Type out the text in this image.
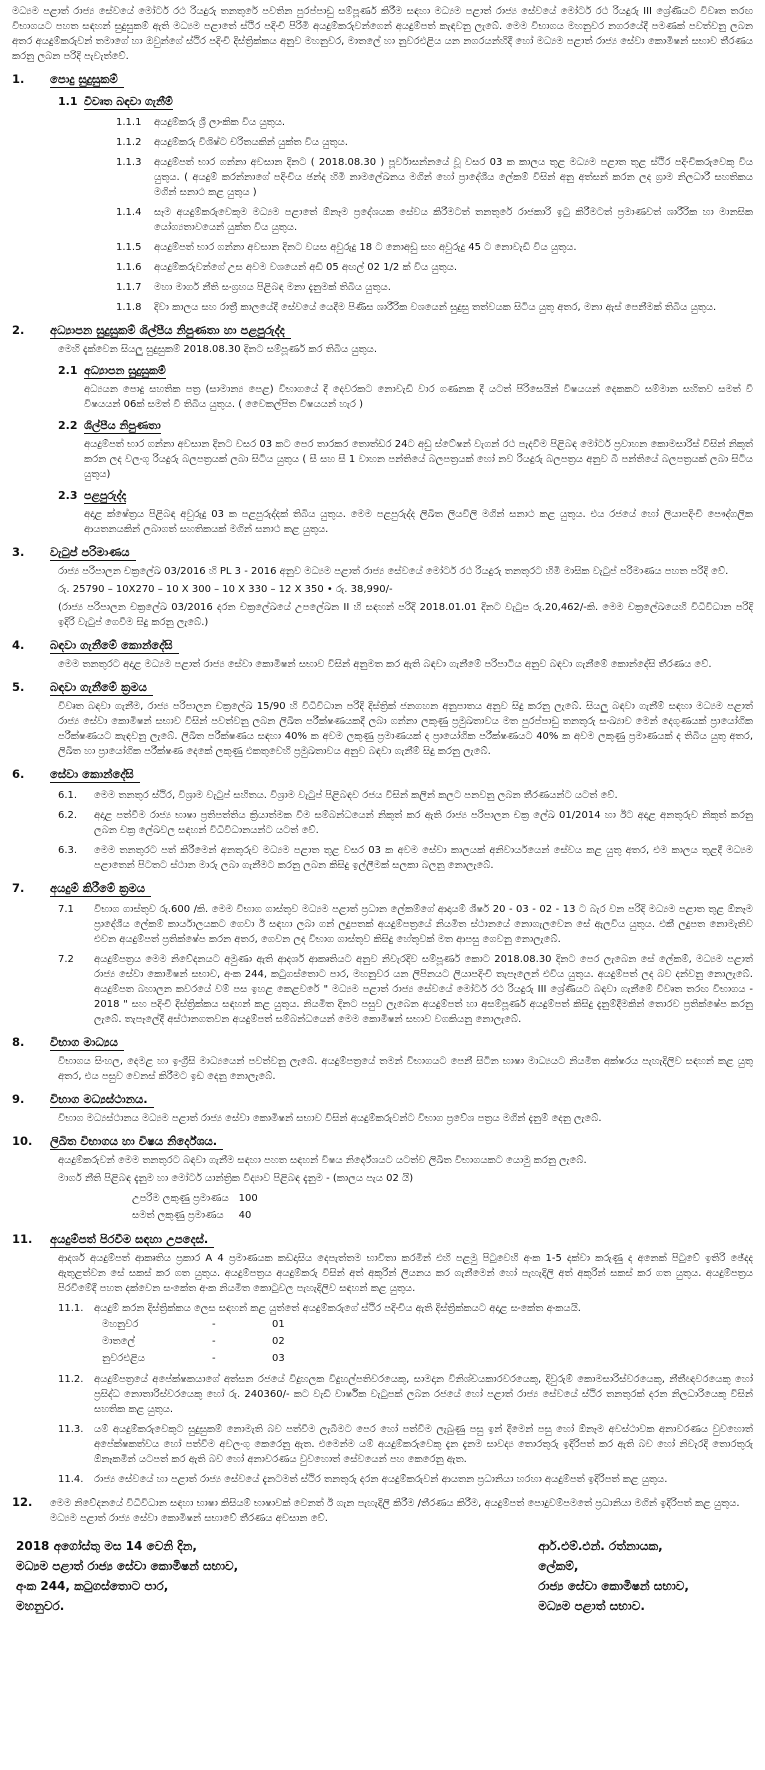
මධ්‍යම පළාත් රාජ්‍ය සේවයේ මෝටර් රථ රියදුරු තනතුරේ පවතින පුරප්පාඩු සම්පූර්ණ කිරීම සඳහා මධ්‍යම පළාත් රාජ්‍ය සේවයේ මෝටර් රථ රියදුරු III ශ්‍රේණියට විවෘත තරඟ විභාගයට පහත සඳහන් සුදුසුකම් ඇති මධ්‍යම පළාතේ ස්ථිර පදිංචි පිරිමි අයදුම්කරුවන්ගෙන් අයදුම්පත් කැඳවනු ලැබේ. මෙම විභාගය මහනුවර නගරයේදී පමණක් පවත්වනු ලබන අතර අයදුම්කරුවන් තමාගේ හා ඔවුන්ගේ ස්ථිර පදිංචි දිස්ත්‍රික්කය අනුව මහනුවර, මාතලේ හා නුවරඑළිය යන නගරයන්හිදී හෝ මධ්‍යම පළාත් රාජ්‍ය සේවා කොමිෂන් සභාව තීරණය කරනු ලබන පරිදි පැවැත්වේ.

1.	පොදු සුදුසුකම්
1.1 විවෘත බඳවා ගැනීම්
1.1.1	අයදුම්කරු ශ්‍රී ලාංකික විය යුතුය.
1.1.2	අයදුම්කරු විශිෂ්ට චරිතයකින් යුක්ත විය යුතුය.
1.1.3	අයදුම්පත් භාර ගන්නා අවසාන දිනට ( 2018.08.30 ) පූර්වාසන්නයේ වූ වසර 03 ක කාලය තුළ මධ්‍යම පළාත තුළ ස්ථිර පදිංචිකරුවෙකු විය යුතුය. ( අයදුම් කරන්නාගේ පදිංචිය ඡන්ද හිමි නාමලේඛනය මගින් හෝ ප්‍රාදේශීය ලේකම් විසින් අනු අත්සන් කරන ලද ග්‍රාම නිලධාරී සහතිකය මගින් සනාථ කළ යුතුය )
1.1.4	සෑම අයදුම්කරුවෙකුම මධ්‍යම පළාතේ ඕනෑම ප්‍රදේශයක සේවය කිරීමටත් තනතුරේ රාජකාරි ඉටු කිරීමටත් ප්‍රමාණවත් ශාරීරික හා මානසික යෝග්‍යතාවයෙන් යුක්ත විය යුතුය.
1.1.5	අයදුම්පත් භාර ගන්නා අවසාන දිනට වයස අවුරුදු 18 ට නොඅඩු සහ අවුරුදු 45 ට නොවැඩි විය යුතුය.
1.1.6	අයදුම්කරුවන්ගේ උස අවම වශයෙන් අඩි 05 අඟල් 02 1/2 ක් විය යුතුය.
1.1.7	මහා මාර්ග නීති සංග්‍රහය පිළිබඳ මනා දැනුමක් තිබිය යුතුය.
1.1.8	දිවා කාලය සහ රාත්‍රී කාලයේදී සේවයේ යෙදීම පිණිස ශාරීරික වශයෙන් සුදුසු තත්වයක සිටිය යුතු අතර, මනා ඇස් පෙනීමක් තිබිය යුතුය.
2.	අධ්‍යාපන සුදුසුකම් ශිල්පීය නිපුණතා හා පළපුරුද්ද

මෙහි දැක්වෙන සියලු සුදුසුකම් 2018.08.30 දිනට සම්පූර්ණ කර තිබිය යුතුය.

2.1 අධ්‍යාපන සුදුසුකම්

අධ්‍යයන පොදු සහතික පත්‍ර (සාමාන්‍ය පෙළ) විභාගයේ දී දෙවරකට නොවැඩි වාර ගණනක දී යටත් පිරිසෙයින් විෂයයන් දෙකකට සම්මාන සහිතව සමත් වී විෂයයන් 06ක් සමත් වී තිබිය යුතුය. ( වෛකල්පිත විෂයයන් හැර )

2.2 ශිල්පීය නිපුණතා

අයදුම්පත් භාර ගන්නා අවසාන දිනට වසර 03 කට පෙර තාරකර තොත්ඩර 24ට අඩු ස්ටේෂන් වැගන් රථ පැදවීම පිළිබඳ මෝටර් ප්‍රවාහන කොමසාරිස් විසින් නිකුත් කරන ලද වලංගු රියදුරු බලපත්‍රයක් ලබා සිටිය යුතුය ( සී සහ සී 1 වාහන පන්තියේ බලපත්‍රයක් හෝ නව රියදුරු බලපත්‍රය අනුව බී පන්තියේ බලපත්‍රයක් ලබා සිටිය යුතුය)

2.3 පළපුරුද්ද

අදාළ ක්ෂේත්‍රය පිළිබඳ අවුරුදු 03 ක පළපුරුද්දක් තිබිය යුතුය. මෙම පළපුරුද්ද ලිඛිත ලියවිලි මගින් සනාථ කළ යුතුය. එය රජයේ හෝ ලියාපදිංචි පෞද්ගලික ආයතනයකින් ලබාගත් සහතිකයක් මගින් සනාථ කළ යුතුය.

3.	වැටුප් පරිමාණය

රාජ්‍ය පරිපාලන චක්‍රලේඛ 03/2016 හි PL 3 - 2016 අනුව මධ්‍යම පළාත් රාජ්‍ය සේවයේ මෝටර් රථ රියදුරු තනතුරට හිමි මාසික වැටුප් පරිමාණය පහත පරිදි වේ.

රු. 25790 – 10X270 – 10 X 300 – 10 X 330 – 12 X 350 • රු. 38,990/-

(රාජ්‍ය පරිපාලන චක්‍රලේඛ 03/2016 දරන චක්‍රලේඛයේ උපලේඛන II හි සඳහන් පරිදි 2018.01.01 දිනට වැටුප රු.20,462/-කි. මෙම චක්‍රලේඛයෙහි විධිවිධාන පරිදි ඉදිරි වැටුප් ගෙවීම සිදු කරනු ලැබේ.)

4.	බඳවා ගැනීමේ කොන්දේසි

මෙම තනතුරට අදාළ මධ්‍යම පළාත් රාජ්‍ය සේවා කොමිෂන් සභාව විසින් අනුමත කර ඇති බඳවා ගැනීමේ පරිපාටිය අනුව බඳවා ගැනීමේ කොන්දේසි තීරණය වේ.

5.	බඳවා ගැනීමේ ක්‍රමය

විවෘත බඳවා ගැනීම, රාජ්‍ය පරිපාලන චක්‍රලේඛ 15/90 හි විධිවිධාන පරිදි දිස්ත්‍රික් ජනගහන අනුපාතය අනුව සිදු කරනු ලැබේ. සියලු බඳවා ගැනීම් සඳහා මධ්‍යම පළාත් රාජ්‍ය සේවා කොමිෂන් සභාව විසින් පවත්වනු ලබන ලිඛිත පරීක්ෂණයකදී ලබා ගන්නා ලකුණු ප්‍රමුඛතාවය මත පුරප්පාඩු තනතුරු සංඛ්‍යාව මෙන් දෙගුණයක් ප්‍රායෝගික පරීක්ෂණයට කැඳවනු ලැබේ. ලිඛිත පරීක්ෂණය සඳහා 40% ක අවම ලකුණු ප්‍රමාණයක් ද ප්‍රායෝගික පරීක්ෂණයට 40% ක අවම ලකුණු ප්‍රමාණයක් ද තිබිය යුතු අතර, ලිඛිත හා ප්‍රායෝගික පරීක්ෂණ දෙකේ ලකුණු එකතුවෙහි ප්‍රමුඛතාවය අනුව බඳවා ගැනීම් සිදු කරනු ලැබේ.

6.	සේවා කොන්දේසි
6.1.	මෙම තනතුර ස්ථිර, විශ්‍රාම වැටුප් සහිතය. විශ්‍රාම වැටුප් පිළිබඳව රජය විසින් කලින් කලට පනවනු ලබන තීරණයන්ට යටත් වේ.
6.2.	අදාළ පත්වීම රාජ්‍ය භාෂා ප්‍රතිපත්තිය ක්‍රියාත්මක වීම සම්බන්ධයෙන් නිකුත් කර ඇති රාජ්‍ය පරිපාලන චක්‍ර ලේඛ 01/2014 හා ඊට අදාළ අනතුරුව නිකුත් කරනු ලබන චක්‍ර ලේඛවල සඳහන් විධිවිධානයන්ට යටත් වේ.
6.3.	මෙම තනතුරට පත් කිරීමෙන් අනතුරුව මධ්‍යම පළාත තුළ වසර 03 ක අවම සේවා කාලයක් අනිවාර්යයෙන් සේවය කළ යුතු අතර, එම කාලය තුළදී මධ්‍යම පළාතෙන් පිටතට ස්ථාන මාරු ලබා ගැනීමට කරනු ලබන කිසිදු ඉල්ලීමක් සලකා බලනු නොලැබේ.
7.	අයදුම් කිරීමේ ක්‍රමය
7.1	විභාග ගාස්තුව රු.600 /කි. මෙම විභාග ගාස්තුව මධ්‍යම පළාත් ප්‍රධාන ලේකම්ගේ ආදායම් ශීර්ෂ 20 - 03 - 02 - 13 ට බැර වන පරිදි මධ්‍යම පළාත තුළ ඕනෑම ප්‍රාදේශීය ලේකම් කාර්යාලයකට ගෙවා ඊ සඳහා ලබා ගන් ලදුපතක් අයදුම්පත්‍රයේ නියමිත ස්ථානයේ නොගැලවෙන සේ ඇලවිය යුතුය. එකී ලදුපත නොමැතිව එවන අයදුම්පත් ප්‍රතික්ෂේප කරන අතර, ගෙවන ලද විභාග ගාස්තුව කිසිදු හේතුවක් මත ආපසු ගෙවනු නොලැබේ.
7.2	අයදුම්පත්‍රය මෙම නිවේදනයට අමුණා ඇති ආදර්ශ ආකෘතියට අනුව නිවැරදිව සම්පූර්ණ කොට 2018.08.30 දිනට පෙර ලැබෙන සේ ලේකම්, මධ්‍යම පළාත් රාජ්‍ය සේවා කොමිෂන් සභාව, අංක 244, කටුගස්තොට පාර, මහනුවර යන ලිපිනයට ලියාපදිංචි තැපෑලෙන් එවිය යුතුය. අයදුම්පත් ලද බව දන්වනු නොලැබේ. අයදුම්පත බහාලන කවරයේ වම් පස ඉහළ කෙළවරේ " මධ්‍යම පළාත් රාජ්‍ය සේවයේ මෝටර් රථ රියදුරු III ශ්‍රේණියට බඳවා ගැනීමේ විවෘත තරඟ විභාගය - 2018 " සහ පදිංචි දිස්ත්‍රික්කය සඳහන් කළ යුතුය. නියමිත දිනට පසුව ලැබෙන අයදුම්පත් හා අසම්පූර්ණ අයදුම්පත් කිසිදු දැනුම්දීමකින් තොරව ප්‍රතික්ෂේප කරනු ලැබේ. තැපෑලේදී අස්ථානගතවන අයදුම්පත් සම්බන්ධයෙන් මෙම කොමිෂන් සභාව වගකියනු නොලැබේ.
8.	විභාග මාධ්‍යය

විභාගය සිංහල, දෙමළ හා ඉංග්‍රීසි මාධ්‍යයෙන් පවත්වනු ලැබේ. අයදුම්පත්‍රයේ තමන් විභාගයට පෙනී සිටින භාෂා මාධ්‍යයට නියමිත අක්ෂරය පැහැදිලිව සඳහන් කළ යුතු අතර, එය පසුව වෙනස් කිරීමට ඉඩ දෙනු නොලැබේ.

9.	විභාග මධ්‍යස්ථානය.

විභාග මධ්‍යස්ථානය මධ්‍යම පළාත් රාජ්‍ය සේවා කොමිෂන් සභාව විසින් අයදුම්කරුවන්ට විභාග ප්‍රවේශ පත්‍රය මගින් දැනුම් දෙනු ලැබේ.

10.	ලිඛිත විභාගය හා විෂය නිර්දේශය.

අයදුම්කරුවන් මෙම තනතුරට බඳවා ගැනීම සඳහා පහත සඳහන් විෂය නිර්දේශයට යටත්ව ලිඛිත විභාගයකට යොමු කරනු ලැබේ.

මාර්ග නීති පිළිබඳ දැනුම හා මෝටර් යාන්ත්‍රික විද්‍යාව පිළිබඳ දැනුම - (කාලය පැය 02 යි)

උපරිම ලකුණු ප්‍රමාණය	100
සමත් ලකුණු ප්‍රමාණය	40
11.	අයදුම්පත් පිරවීම සඳහා උපදෙස්.

ආදර්ශ අයදුම්පත් ආකෘතිය ප්‍රකාර A 4 ප්‍රමාණයක කඩදාසිය දෙපැත්තම භාවිතා කරමින් එහි පළමු පිටුවෙහි අංක 1-5 දක්වා කරුණු ද අනෙක් පිටුවේ ඉතිරි ඡේදද ඇතුළත්වන සේ සකස් කර ගත යුතුය. අයදුම්පත්‍රය අයදුම්කරු විසින් අත් අකුරින් ලියනය කර ගැනීමෙන් හෝ පැහැදිලි අත් අකුරින් සකස් කර ගත යුතුය. අයදුම්පත්‍රය පිරවීමේදී පහත දක්වෙන සංකේත අංක නියමිත කොටුවල පැහැදිලිව සඳහන් කළ යුතුය.

11.1.	අයදුම් කරන දිස්ත්‍රික්කය ලෙස සඳහන් කළ යුත්තේ අයදුම්කරුගේ ස්ථිර පදිංචිය ඇති දිස්ත්‍රික්කයට අදාළ සංකේත අංකයයි.
මහනුවර	-	01
මාතලේ	-	02
නුවරඑළිය	-	03
11.2.	අයදුම්පත්‍රයේ අපේක්ෂකයාගේ අත්සන රජයේ විදුහලක විදුහල්පතිවරයෙකු, සාමදාන විනිශ්චයකාරවරයෙකු, දිවුරුම් කොමසාරිස්වරයෙකු, නීතීඥවරයෙකු හෝ ප්‍රසිද්ධ නොතාරිස්වරයෙකු හෝ රු. 240360/- කට වැඩි වාර්ෂික වැටුපක් ලබන රජයේ හෝ පළාත් රාජ්‍ය සේවයේ ස්ථිර තනතුරක් දරන නිලධාරියෙකු විසින් සහතික කළ යුතුය.
11.3.	යම් අයදුම්කරුවෙකුට සුදුසුකම් නොමැති බව පත්වීම ලැබීමට පෙර හෝ පත්වීම ලැබුණු පසු ඉන් දීමෙන් පසු හෝ ඕනෑම අවස්ථාවක අනාවරණය වුවහොත් අපේක්ෂකත්වය හෝ පත්වීම අවලංගු කෙරෙනු ඇත. එමෙන්ම යම් අයදුම්කරුවෙකු දැන දැනම සාවද්‍ය තොරතුරු ඉදිරිපත් කර ඇති බව හෝ නිවැරදි තොරතුරු ඕනෑකමින් යටපත් කර ඇති බව හෝ අනාවරණය වුවහොත් සේවයෙන් පහ කෙරෙනු ඇත.
11.4.	රාජ්‍ය සේවයේ හා පළාත් රාජ්‍ය සේවයේ දැනටමත් ස්ථිර තනතුරු දරන අයදුම්කරුවන් ආයතන ප්‍රධානියා හරහා අයදුම්පත් ඉදිරිපත් කළ යුතුය.
12.	මෙම නිවේදනයේ විධිවිධාන සඳහා භාෂා කිසියම් භාෂාවක් වෙනත් ඊ ගැන පැහැදිලි කිරීම /තීරණය කිරීම, අයදුම්පත් පොදුවම්පමතේ ප්‍රධානියා මගින් ඉදිරිපත් කළ යුතුය. මධ්‍යම පළාත් රාජ්‍ය සේවා කොමිෂන් සභාවේ තීරණය අවසාන වේ.
2018 අගෝස්තු මස 14 වෙනි දින,
මධ්‍යම පළාත් රාජ්‍ය සේවා කොමිෂන් සභාව,
අංක 244, කටුගස්තොට පාර,
මහනුවර.
ආර්.එම්.එන්. රත්නායක,
ලේකම්,
රාජ්‍ය සේවා කොමිෂන් සභාව,
මධ්‍යම පළාත් සභාව.
